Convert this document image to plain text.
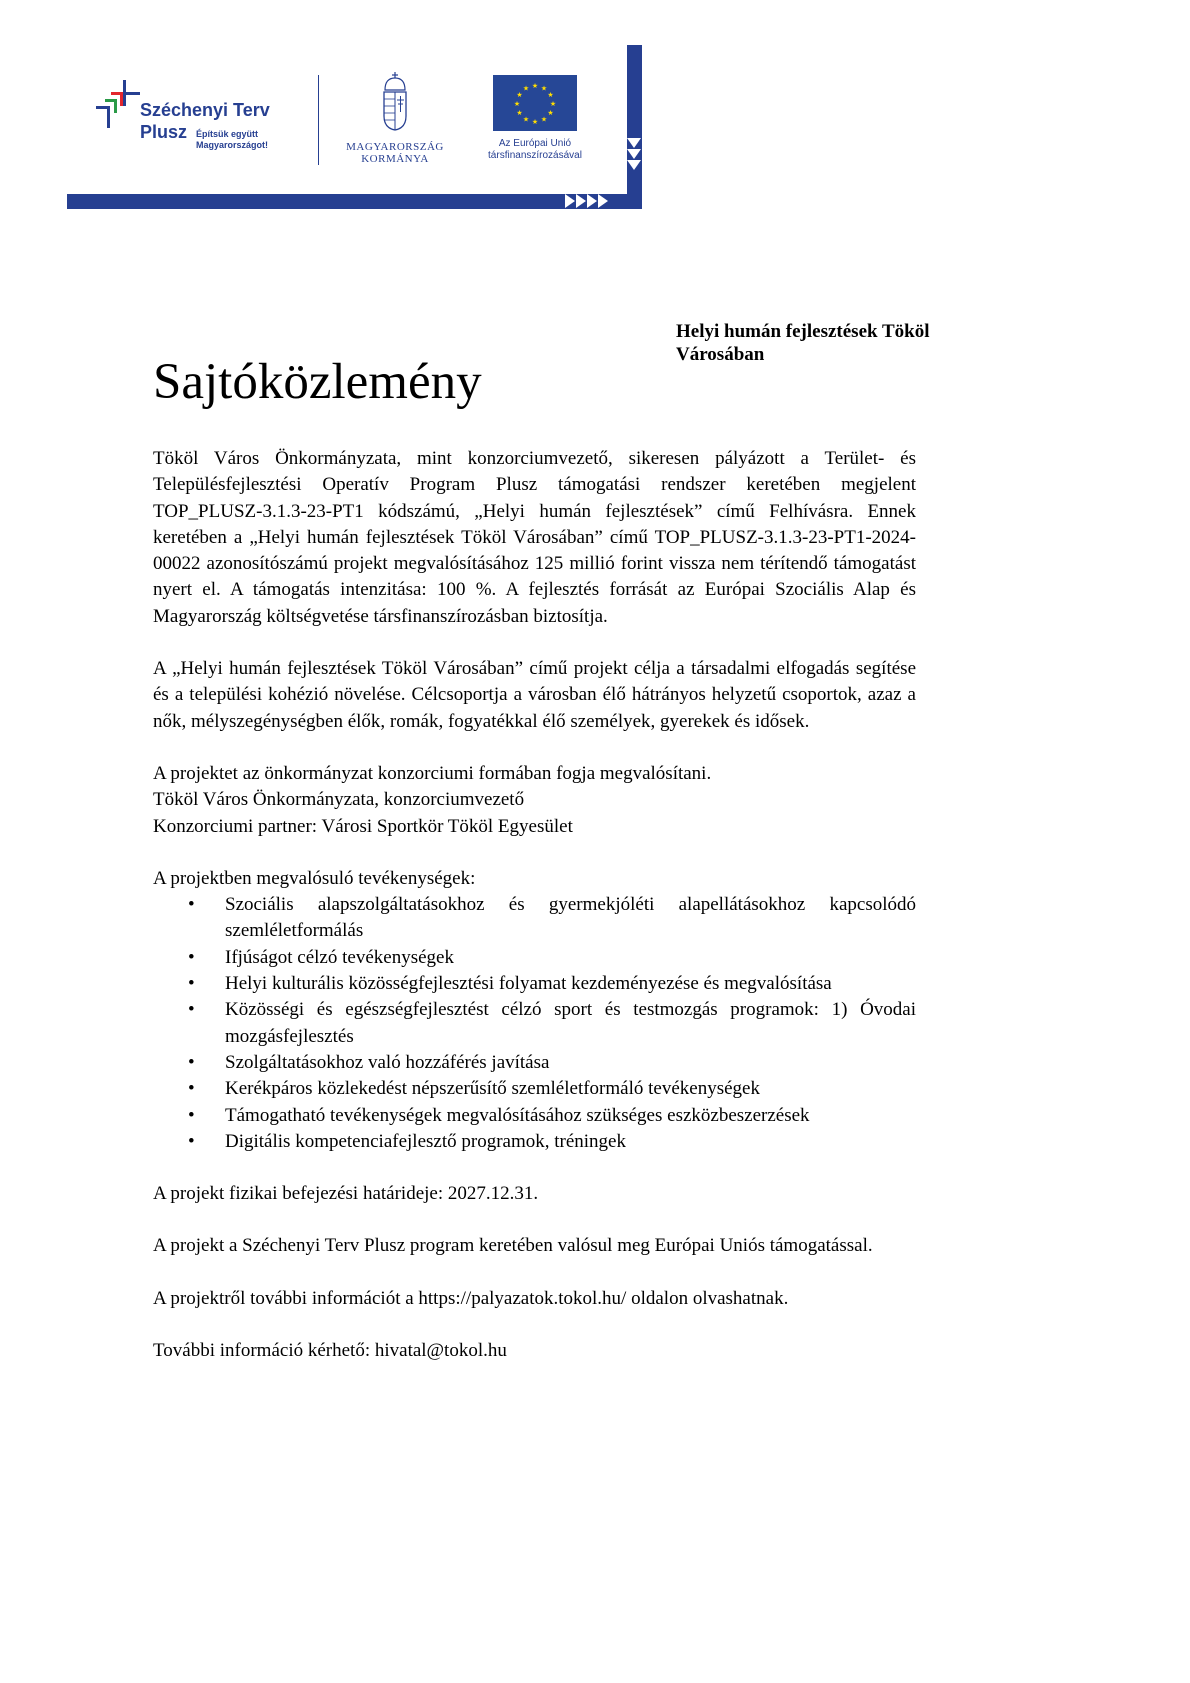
Széchenyi Terv
Plusz Építsük együtt
Magyarországot!	MAGYARORSZÁG
KORMÁNYA
★ ★
★
★
★
★
★
★
★
★
★
★
Az Európai Unió
társfinanszírozásával
Sajtóközlemény
Helyi humán fejlesztések Tököl Városában

Tököl Város Önkormányzata, mint konzorciumvezető, sikeresen pályázott a Terület- és Településfejlesztési Operatív Program Plusz támogatási rendszer keretében megjelent TOP_PLUSZ-3.1.3-23-PT1 kódszámú, „Helyi humán fejlesztések” című Felhívásra. Ennek keretében a „Helyi humán fejlesztések Tököl Városában” című TOP_PLUSZ-3.1.3-23-PT1-2024-00022 azonosítószámú projekt megvalósításához 125 millió forint vissza nem térítendő támogatást nyert el. A támogatás intenzitása: 100 %. A fejlesztés forrását az Európai Szociális Alap és Magyarország költségvetése társfinanszírozásban biztosítja.

A „Helyi humán fejlesztések Tököl Városában” című projekt célja a társadalmi elfogadás segítése és a települési kohézió növelése. Célcsoportja a városban élő hátrányos helyzetű csoportok, azaz a nők, mélyszegénységben élők, romák, fogyatékkal élő személyek, gyerekek és idősek.

A projektet az önkormányzat konzorciumi formában fogja megvalósítani.

Tököl Város Önkormányzata, konzorciumvezető

Konzorciumi partner: Városi Sportkör Tököl Egyesület

A projektben megvalósuló tevékenységek:

• Szociális alapszolgáltatásokhoz és gyermekjóléti alapellátásokhoz kapcsolódó szemléletformálás
• Ifjúságot célzó tevékenységek
• Helyi kulturális közösségfejlesztési folyamat kezdeményezése és megvalósítása
• Közösségi és egészségfejlesztést célzó sport és testmozgás programok: 1) Óvodai mozgásfejlesztés
• Szolgáltatásokhoz való hozzáférés javítása
• Kerékpáros közlekedést népszerűsítő szemléletformáló tevékenységek
• Támogatható tevékenységek megvalósításához szükséges eszközbeszerzések
• Digitális kompetenciafejlesztő programok, tréningek

A projekt fizikai befejezési határideje: 2027.12.31.

A projekt a Széchenyi Terv Plusz program keretében valósul meg Európai Uniós támogatással.

A projektről további információt a https://palyazatok.tokol.hu/ oldalon olvashatnak.

További információ kérhető: hivatal@tokol.hu
